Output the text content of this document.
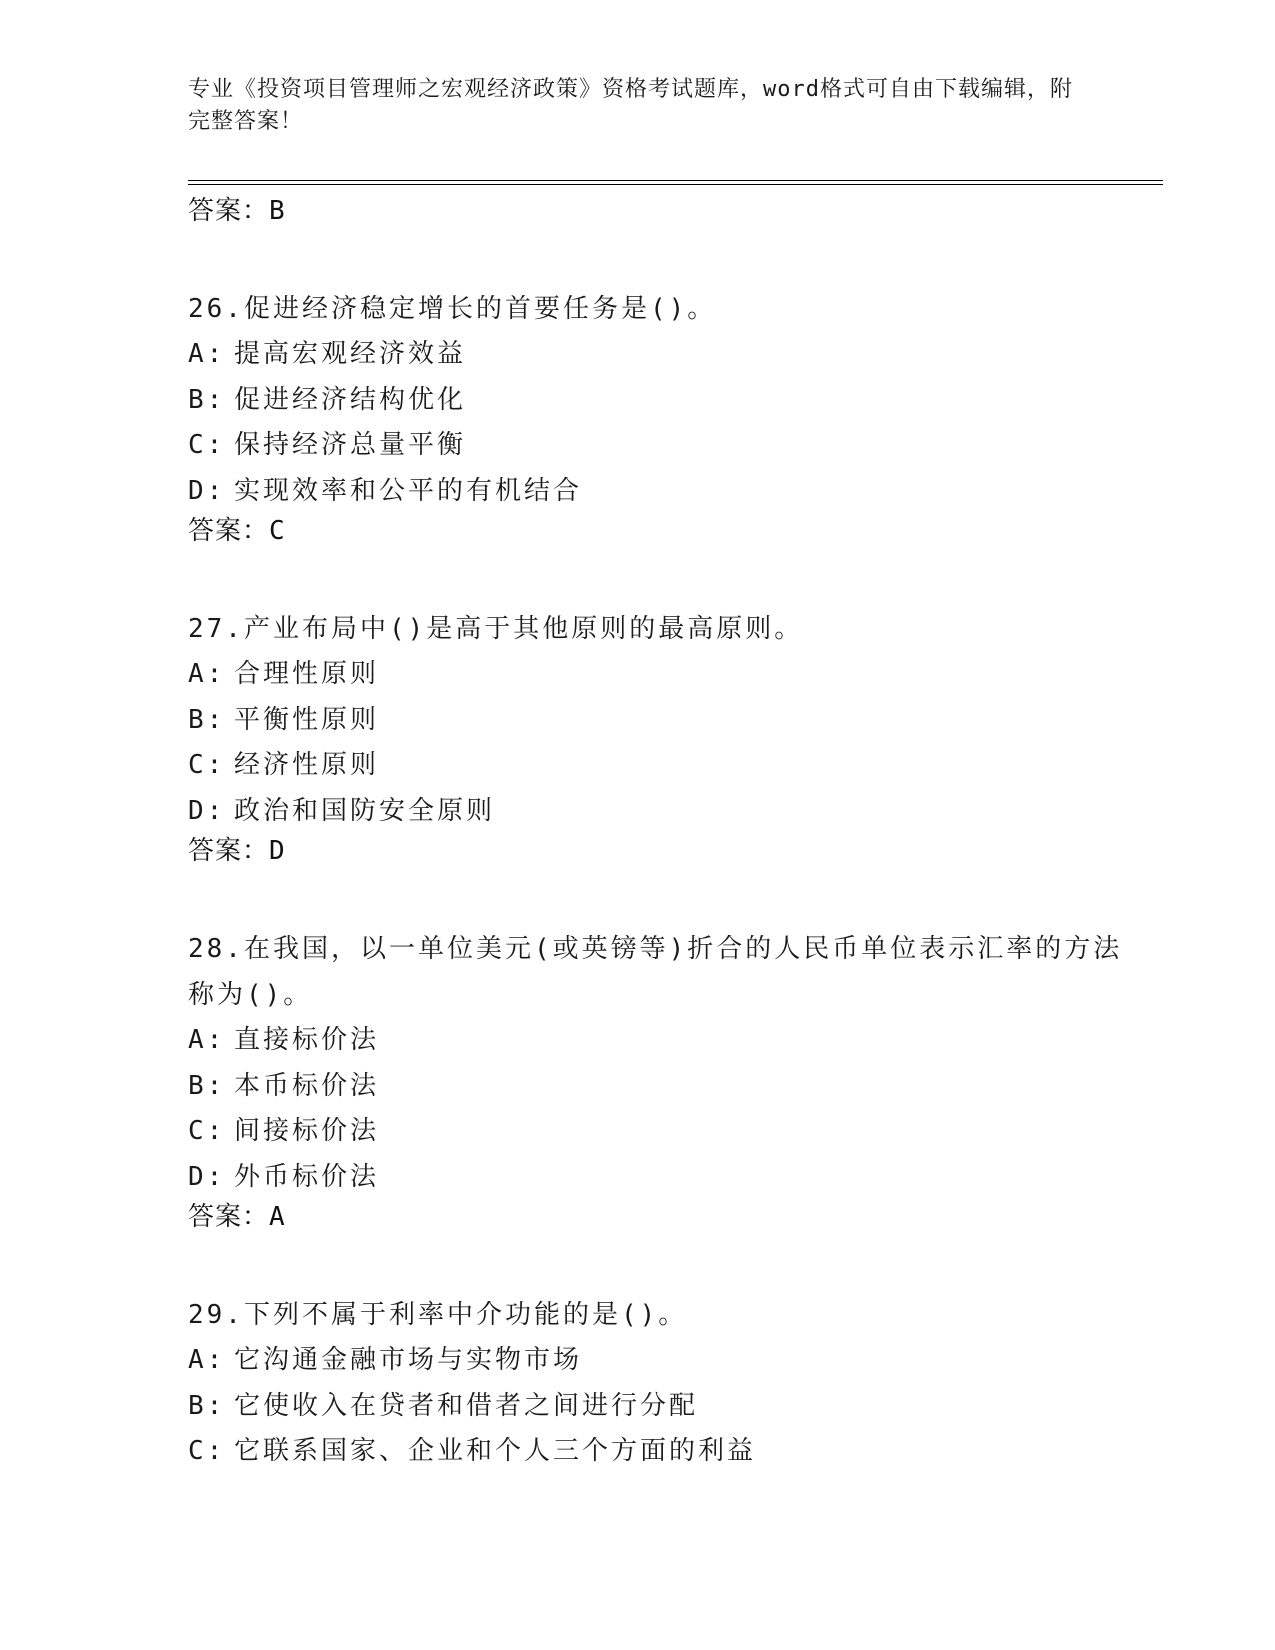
专业《投资项目管理师之宏观经济政策》资格考试题库，word格式可自由下载编辑，附完整答案！
答案：B
26.促进经济稳定增长的首要任务是()。
A: 提高宏观经济效益
B: 促进经济结构优化
C: 保持经济总量平衡
D: 实现效率和公平的有机结合
答案：C
27.产业布局中()是高于其他原则的最高原则。
A: 合理性原则
B: 平衡性原则
C: 经济性原则
D: 政治和国防安全原则
答案：D
28.在我国，以一单位美元(或英镑等)折合的人民币单位表示汇率的方法称为()。
A: 直接标价法
B: 本币标价法
C: 间接标价法
D: 外币标价法
答案：A
29.下列不属于利率中介功能的是()。
A: 它沟通金融市场与实物市场
B: 它使收入在贷者和借者之间进行分配
C: 它联系国家、企业和个人三个方面的利益
